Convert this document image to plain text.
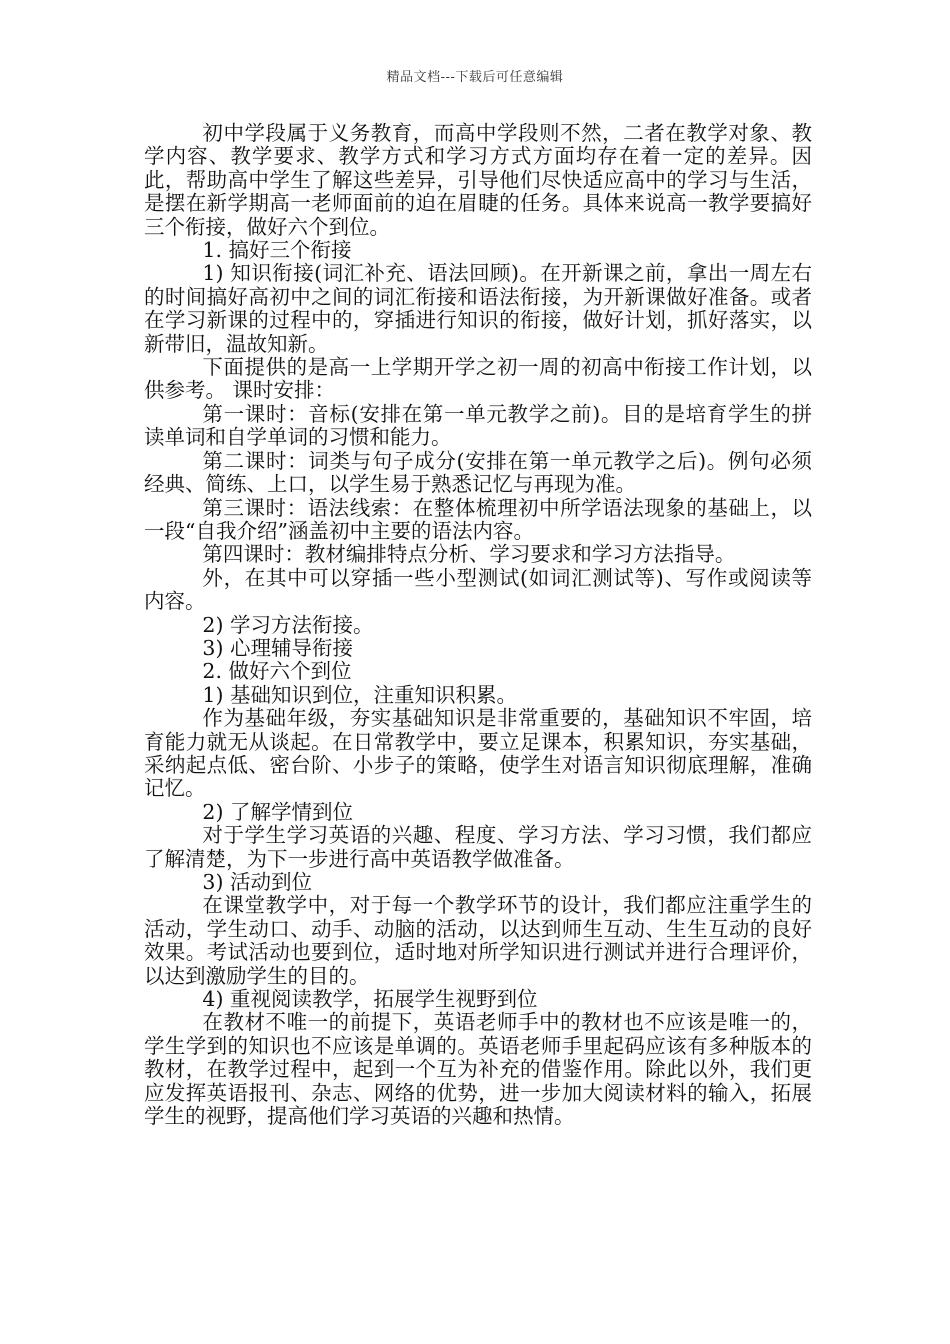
精品文档---下载后可任意编辑

初中学段属于义务教育，而高中学段则不然，二者在教学对象、教学内容、教学要求、教学方式和学习方式方面均存在着一定的差异。因此，帮助高中学生了解这些差异，引导他们尽快适应高中的学习与生活，是摆在新学期高一老师面前的迫在眉睫的任务。具体来说高一教学要搞好三个衔接，做好六个到位。

1. 搞好三个衔接

1) 知识衔接(词汇补充、语法回顾)。在开新课之前，拿出一周左右的时间搞好高初中之间的词汇衔接和语法衔接，为开新课做好准备。或者在学习新课的过程中的，穿插进行知识的衔接，做好计划，抓好落实，以新带旧，温故知新。

下面提供的是高一上学期开学之初一周的初高中衔接工作计划，以供参考。 课时安排：

第一课时：音标(安排在第一单元教学之前)。目的是培育学生的拼读单词和自学单词的习惯和能力。

第二课时：词类与句子成分(安排在第一单元教学之后)。例句必须经典、简练、上口，以学生易于熟悉记忆与再现为准。

第三课时：语法线索：在整体梳理初中所学语法现象的基础上，以一段“自我介绍”涵盖初中主要的语法内容。

第四课时：教材编排特点分析、学习要求和学习方法指导。

外，在其中可以穿插一些小型测试(如词汇测试等)、写作或阅读等内容。

2) 学习方法衔接。

3) 心理辅导衔接

2. 做好六个到位

1) 基础知识到位，注重知识积累。

作为基础年级，夯实基础知识是非常重要的，基础知识不牢固，培育能力就无从谈起。在日常教学中，要立足课本，积累知识，夯实基础，采纳起点低、密台阶、小步子的策略，使学生对语言知识彻底理解，准确记忆。

2) 了解学情到位

对于学生学习英语的兴趣、程度、学习方法、学习习惯，我们都应了解清楚，为下一步进行高中英语教学做准备。

3) 活动到位

在课堂教学中，对于每一个教学环节的设计，我们都应注重学生的活动，学生动口、动手、动脑的活动，以达到师生互动、生生互动的良好效果。考试活动也要到位，适时地对所学知识进行测试并进行合理评价，以达到激励学生的目的。

4) 重视阅读教学，拓展学生视野到位

在教材不唯一的前提下，英语老师手中的教材也不应该是唯一的，学生学到的知识也不应该是单调的。英语老师手里起码应该有多种版本的教材，在教学过程中，起到一个互为补充的借鉴作用。除此以外，我们更应发挥英语报刊、杂志、网络的优势，进一步加大阅读材料的输入，拓展学生的视野，提高他们学习英语的兴趣和热情。
